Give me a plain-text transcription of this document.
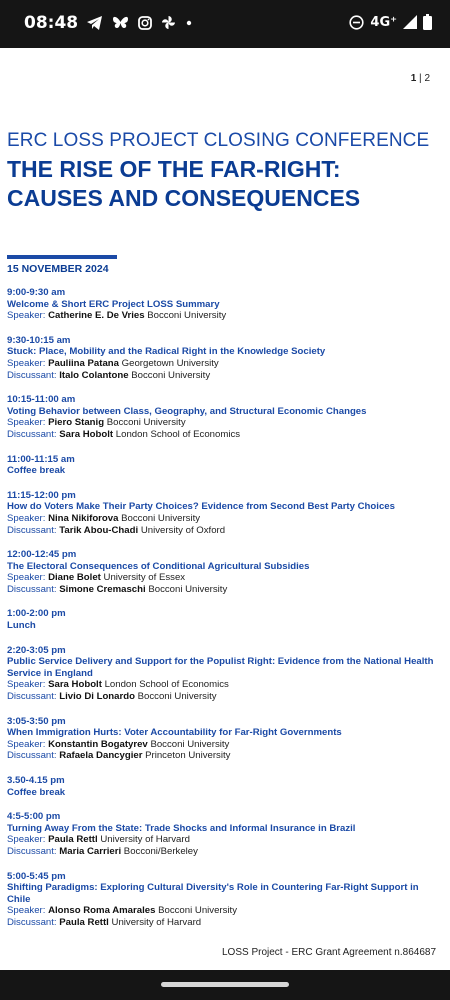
08:48	4G⁺
1 | 2
ERC LOSS PROJECT CLOSING CONFERENCE
THE RISE OF THE FAR-RIGHT:
CAUSES AND CONSEQUENCES
15 NOVEMBER 2024
9:00-9:30 am
Welcome & Short ERC Project LOSS Summary
Speaker: Catherine E. De Vries Bocconi University
9:30-10:15 am
Stuck: Place, Mobility and the Radical Right in the Knowledge Society
Speaker: Pauliina Patana Georgetown University
Discussant: Italo Colantone Bocconi University
10:15-11:00 am
Voting Behavior between Class, Geography, and Structural Economic Changes
Speaker: Piero Stanig Bocconi University
Discussant: Sara Hobolt London School of Economics
11:00-11:15 am
Coffee break
11:15-12:00 pm
How do Voters Make Their Party Choices? Evidence from Second Best Party Choices
Speaker: Nina Nikiforova Bocconi University
Discussant: Tarik Abou-Chadi University of Oxford
12:00-12:45 pm
The Electoral Consequences of Conditional Agricultural Subsidies
Speaker: Diane Bolet University of Essex
Discussant: Simone Cremaschi Bocconi University
1:00-2:00 pm
Lunch
2:20-3:05 pm
Public Service Delivery and Support for the Populist Right: Evidence from the National Health Service in England
Speaker: Sara Hobolt London School of Economics
Discussant: Livio Di Lonardo Bocconi University
3:05-3:50 pm
When Immigration Hurts: Voter Accountability for Far-Right Governments
Speaker: Konstantin Bogatyrev Bocconi University
Discussant: Rafaela Dancygier Princeton University
3.50-4.15 pm
Coffee break
4:5-5:00 pm
Turning Away From the State: Trade Shocks and Informal Insurance in Brazil
Speaker: Paula Rettl University of Harvard
Discussant: Maria Carrieri Bocconi/Berkeley
5:00-5:45 pm
Shifting Paradigms: Exploring Cultural Diversity's Role in Countering Far-Right Support in Chile
Speaker: Alonso Roma Amarales Bocconi University
Discussant: Paula Rettl University of Harvard
LOSS Project - ERC Grant Agreement n.864687
